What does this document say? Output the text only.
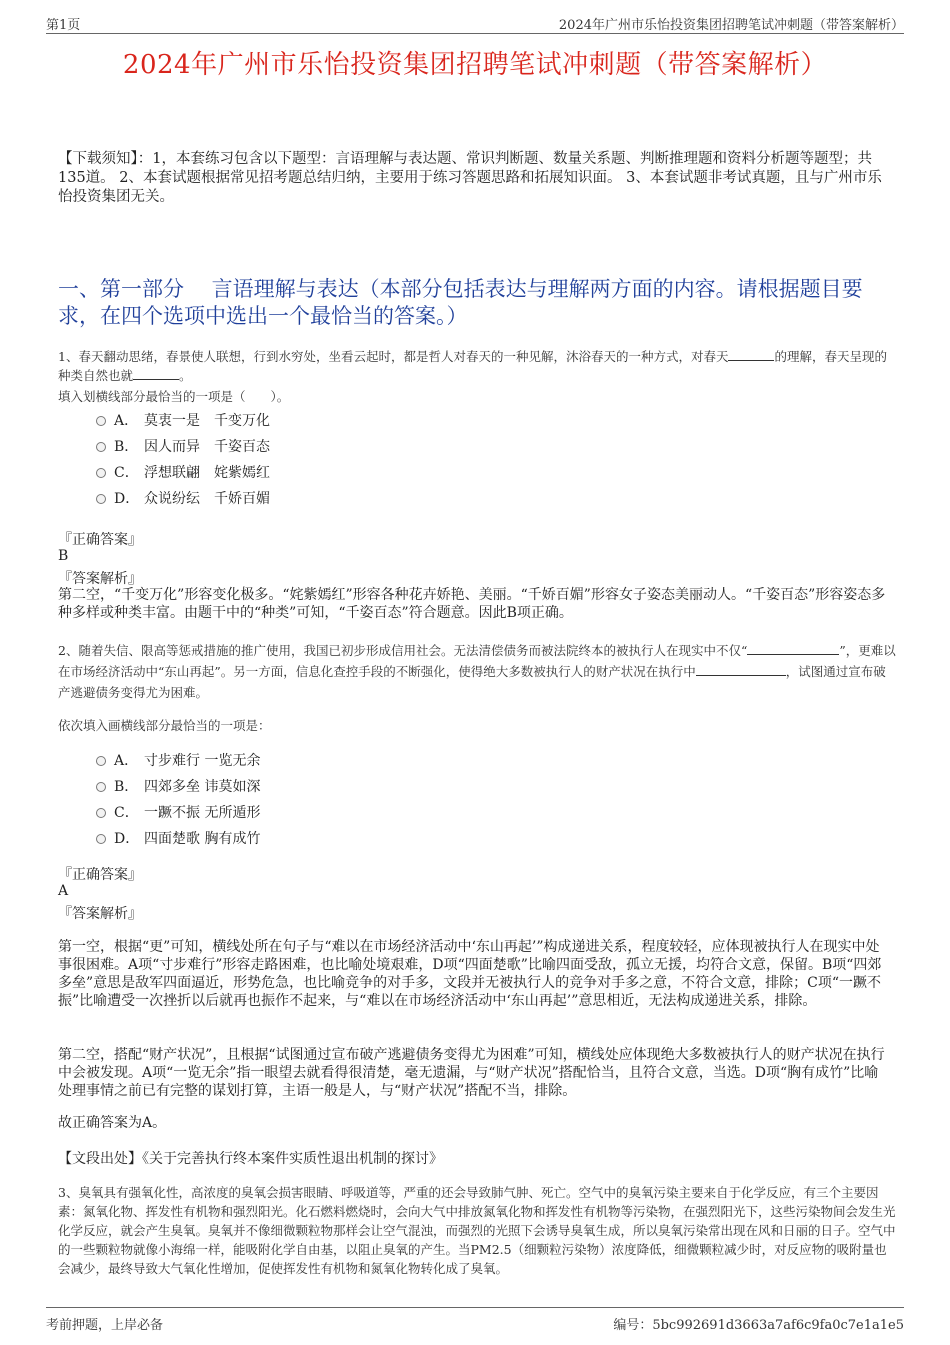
第1页	2024年广州市乐怡投资集团招聘笔试冲刺题（带答案解析）
2024年广州市乐怡投资集团招聘笔试冲刺题（带答案解析）
【下载须知】：1，本套练习包含以下题型：言语理解与表达题、常识判断题、数量关系题、判断推理题和资料分析题等题型；共135道。 2、本套试题根据常见招考题总结归纳，主要用于练习答题思路和拓展知识面。 3、本套试题非考试真题，且与广州市乐怡投资集团无关。
一、第一部分　 言语理解与表达（本部分包括表达与理解两方面的内容。请根据题目要求，在四个选项中选出一个最恰当的答案。）
1、春天翻动思绪，春景使人联想，行到水穷处，坐看云起时，都是哲人对春天的一种见解，沐浴春天的一种方式，对春天	的理解，春天呈现的种类自然也就	。
填入划横线部分最恰当的一项是（　　）。
A． 莫衷一是　千变万化
B． 因人而异　千姿百态
C． 浮想联翩　姹紫嫣红
D． 众说纷纭　千娇百媚
『正确答案』
B
『答案解析』
第二空，“千变万化”形容变化极多。“姹紫嫣红”形容各种花卉娇艳、美丽。“千娇百媚”形容女子姿态美丽动人。“千姿百态”形容姿态多种多样或种类丰富。由题干中的“种类”可知，“千姿百态”符合题意。因此B项正确。
2、随着失信、限高等惩戒措施的推广使用，我国已初步形成信用社会。无法清偿债务而被法院终本的被执行人在现实中不仅“	”，更难以在市场经济活动中“东山再起”。另一方面，信息化查控手段的不断强化，使得绝大多数被执行人的财产状况在执行中	，试图通过宣布破产逃避债务变得尤为困难。
依次填入画横线部分最恰当的一项是：
A． 寸步难行 一览无余
B． 四郊多垒 讳莫如深
C． 一蹶不振 无所遁形
D． 四面楚歌 胸有成竹
『正确答案』
A
『答案解析』
第一空，根据“更”可知，横线处所在句子与“难以在市场经济活动中‘东山再起’”构成递进关系，程度较轻，应体现被执行人在现实中处事很困难。A项“寸步难行”形容走路困难，也比喻处境艰难，D项“四面楚歌”比喻四面受敌，孤立无援，均符合文意，保留。B项“四郊多垒”意思是敌军四面逼近，形势危急，也比喻竞争的对手多，文段并无被执行人的竞争对手多之意，不符合文意，排除；C项“一蹶不振”比喻遭受一次挫折以后就再也振作不起来，与“难以在市场经济活动中‘东山再起’”意思相近，无法构成递进关系，排除。
第二空，搭配“财产状况”，且根据“试图通过宣布破产逃避债务变得尤为困难”可知，横线处应体现绝大多数被执行人的财产状况在执行中会被发现。A项“一览无余”指一眼望去就看得很清楚，毫无遗漏，与“财产状况”搭配恰当，且符合文意，当选。D项“胸有成竹”比喻处理事情之前已有完整的谋划打算，主语一般是人，与“财产状况”搭配不当，排除。
故正确答案为A。
【文段出处】《关于完善执行终本案件实质性退出机制的探讨》
3、臭氧具有强氧化性，高浓度的臭氧会损害眼睛、呼吸道等，严重的还会导致肺气肿、死亡。空气中的臭氧污染主要来自于化学反应，有三个主要因素：氮氧化物、挥发性有机物和强烈阳光。化石燃料燃烧时，会向大气中排放氮氧化物和挥发性有机物等污染物，在强烈阳光下，这些污染物间会发生光化学反应，就会产生臭氧。臭氧并不像细微颗粒物那样会让空气混浊，而强烈的光照下会诱导臭氧生成，所以臭氧污染常出现在风和日丽的日子。空气中的一些颗粒物就像小海绵一样，能吸附化学自由基，以阻止臭氧的产生。当PM2.5（细颗粒污染物）浓度降低，细微颗粒减少时，对反应物的吸附量也会减少，最终导致大气氧化性增加，促使挥发性有机物和氮氧化物转化成了臭氧。
考前押题，上岸必备	编号：5bc992691d3663a7af6c9fa0c7e1a1e5
